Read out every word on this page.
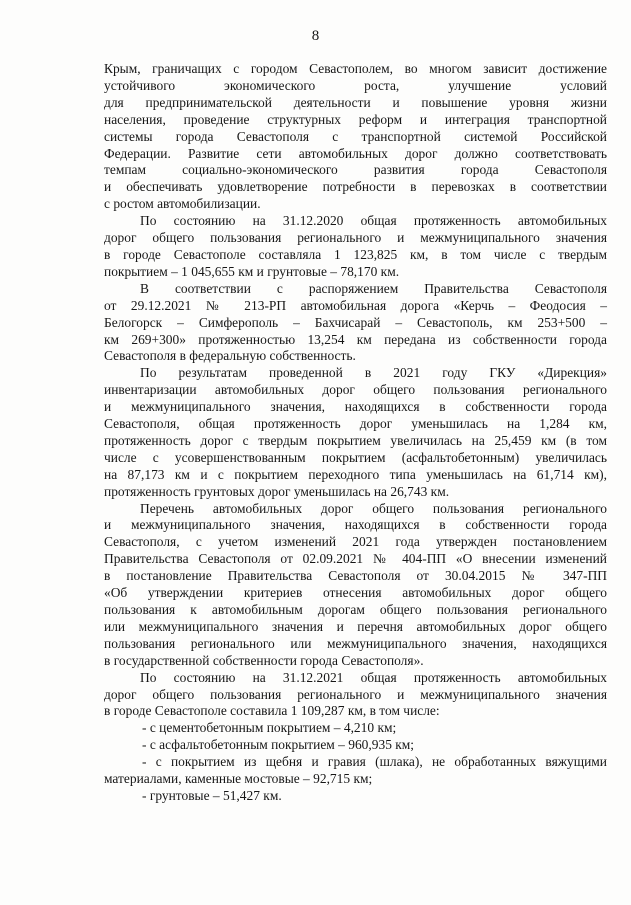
8

Крым, граничащих с городом Севастополем, во многом зависит достижение
устойчивого экономического роста, улучшение условий
для предпринимательской деятельности и повышение уровня жизни
населения, проведение структурных реформ и интеграция транспортной
системы города Севастополя с транспортной системой Российской
Федерации. Развитие сети автомобильных дорог должно соответствовать
темпам социально-экономического развития города Севастополя
и обеспечивать удовлетворение потребности в перевозках в соответствии
с ростом автомобилизации.

По состоянию на 31.12.2020 общая протяженность автомобильных
дорог общего пользования регионального и межмуниципального значения
в городе Севастополе составляла 1 123,825 км, в том числе с твердым
покрытием – 1 045,655 км и грунтовые – 78,170 км.

В соответствии с распоряжением Правительства Севастополя
от 29.12.2021 № 213-РП автомобильная дорога «Керчь – Феодосия –
Белогорск – Симферополь – Бахчисарай – Севастополь, км 253+500 –
км 269+300» протяженностью 13,254 км передана из собственности города
Севастополя в федеральную собственность.

По результатам проведенной в 2021 году ГКУ «Дирекция»
инвентаризации автомобильных дорог общего пользования регионального
и межмуниципального значения, находящихся в собственности города
Севастополя, общая протяженность дорог уменьшилась на 1,284 км,
протяженность дорог с твердым покрытием увеличилась на 25,459 км (в том
числе с усовершенствованным покрытием (асфальтобетонным) увеличилась
на 87,173 км и с покрытием переходного типа уменьшилась на 61,714 км),
протяженность грунтовых дорог уменьшилась на 26,743 км.

Перечень автомобильных дорог общего пользования регионального
и межмуниципального значения, находящихся в собственности города
Севастополя, с учетом изменений 2021 года утвержден постановлением
Правительства Севастополя от 02.09.2021 № 404-ПП «О внесении изменений
в постановление Правительства Севастополя от 30.04.2015 № 347-ПП
«Об утверждении критериев отнесения автомобильных дорог общего
пользования к автомобильным дорогам общего пользования регионального
или межмуниципального значения и перечня автомобильных дорог общего
пользования регионального или межмуниципального значения, находящихся
в государственной собственности города Севастополя».

По состоянию на 31.12.2021 общая протяженность автомобильных
дорог общего пользования регионального и межмуниципального значения
в городе Севастополе составила 1 109,287 км, в том числе:

- с цементобетонным покрытием – 4,210 км;
- с асфальтобетонным покрытием – 960,935 км;
- с покрытием из щебня и гравия (шлака), не обработанных вяжущими
материалами, каменные мостовые – 92,715 км;
- грунтовые – 51,427 км.
